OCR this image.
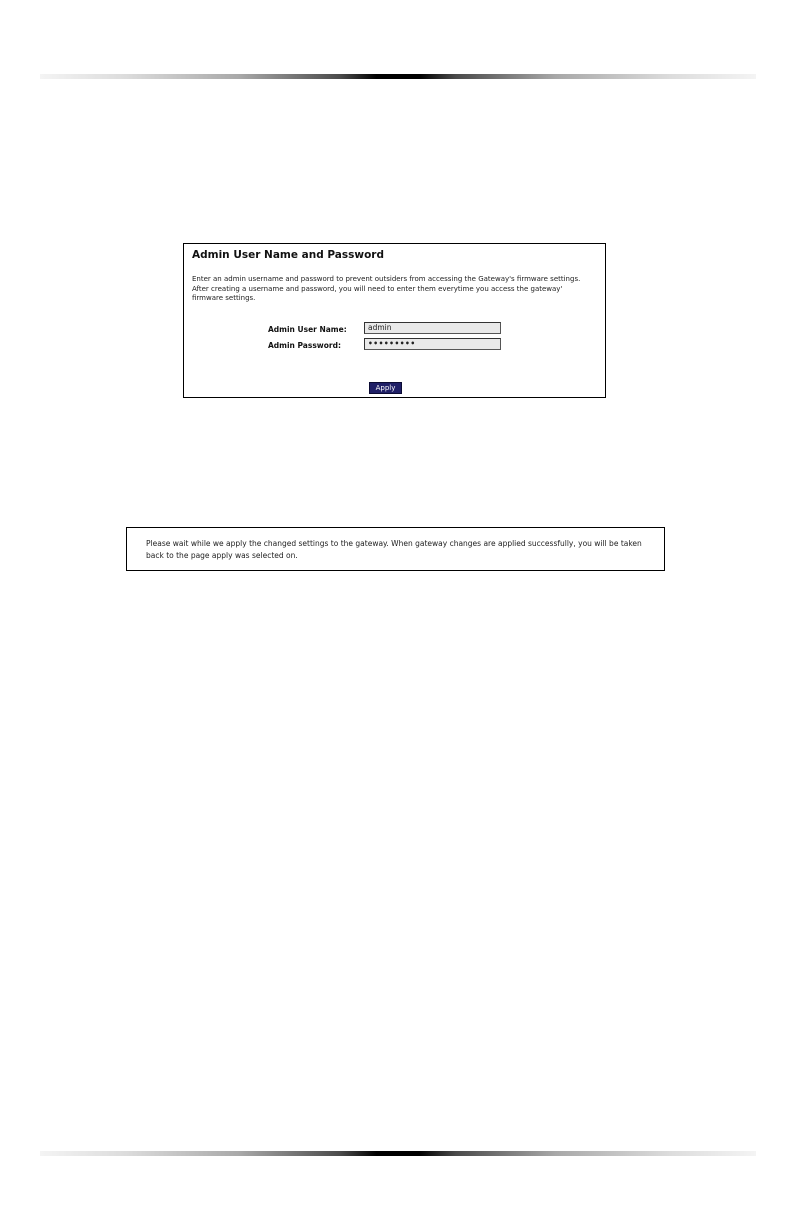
Admin User Name and Password
Enter an admin username and password to prevent outsiders from accessing the Gateway's firmware settings. After creating a username and password, you will need to enter them everytime you access the gateway' firmware settings.
Admin User Name:	admin
Admin Password:	•••••••••
Apply
Please wait while we apply the changed settings to the gateway. When gateway changes are applied successfully, you will be taken back to the page apply was selected on.
